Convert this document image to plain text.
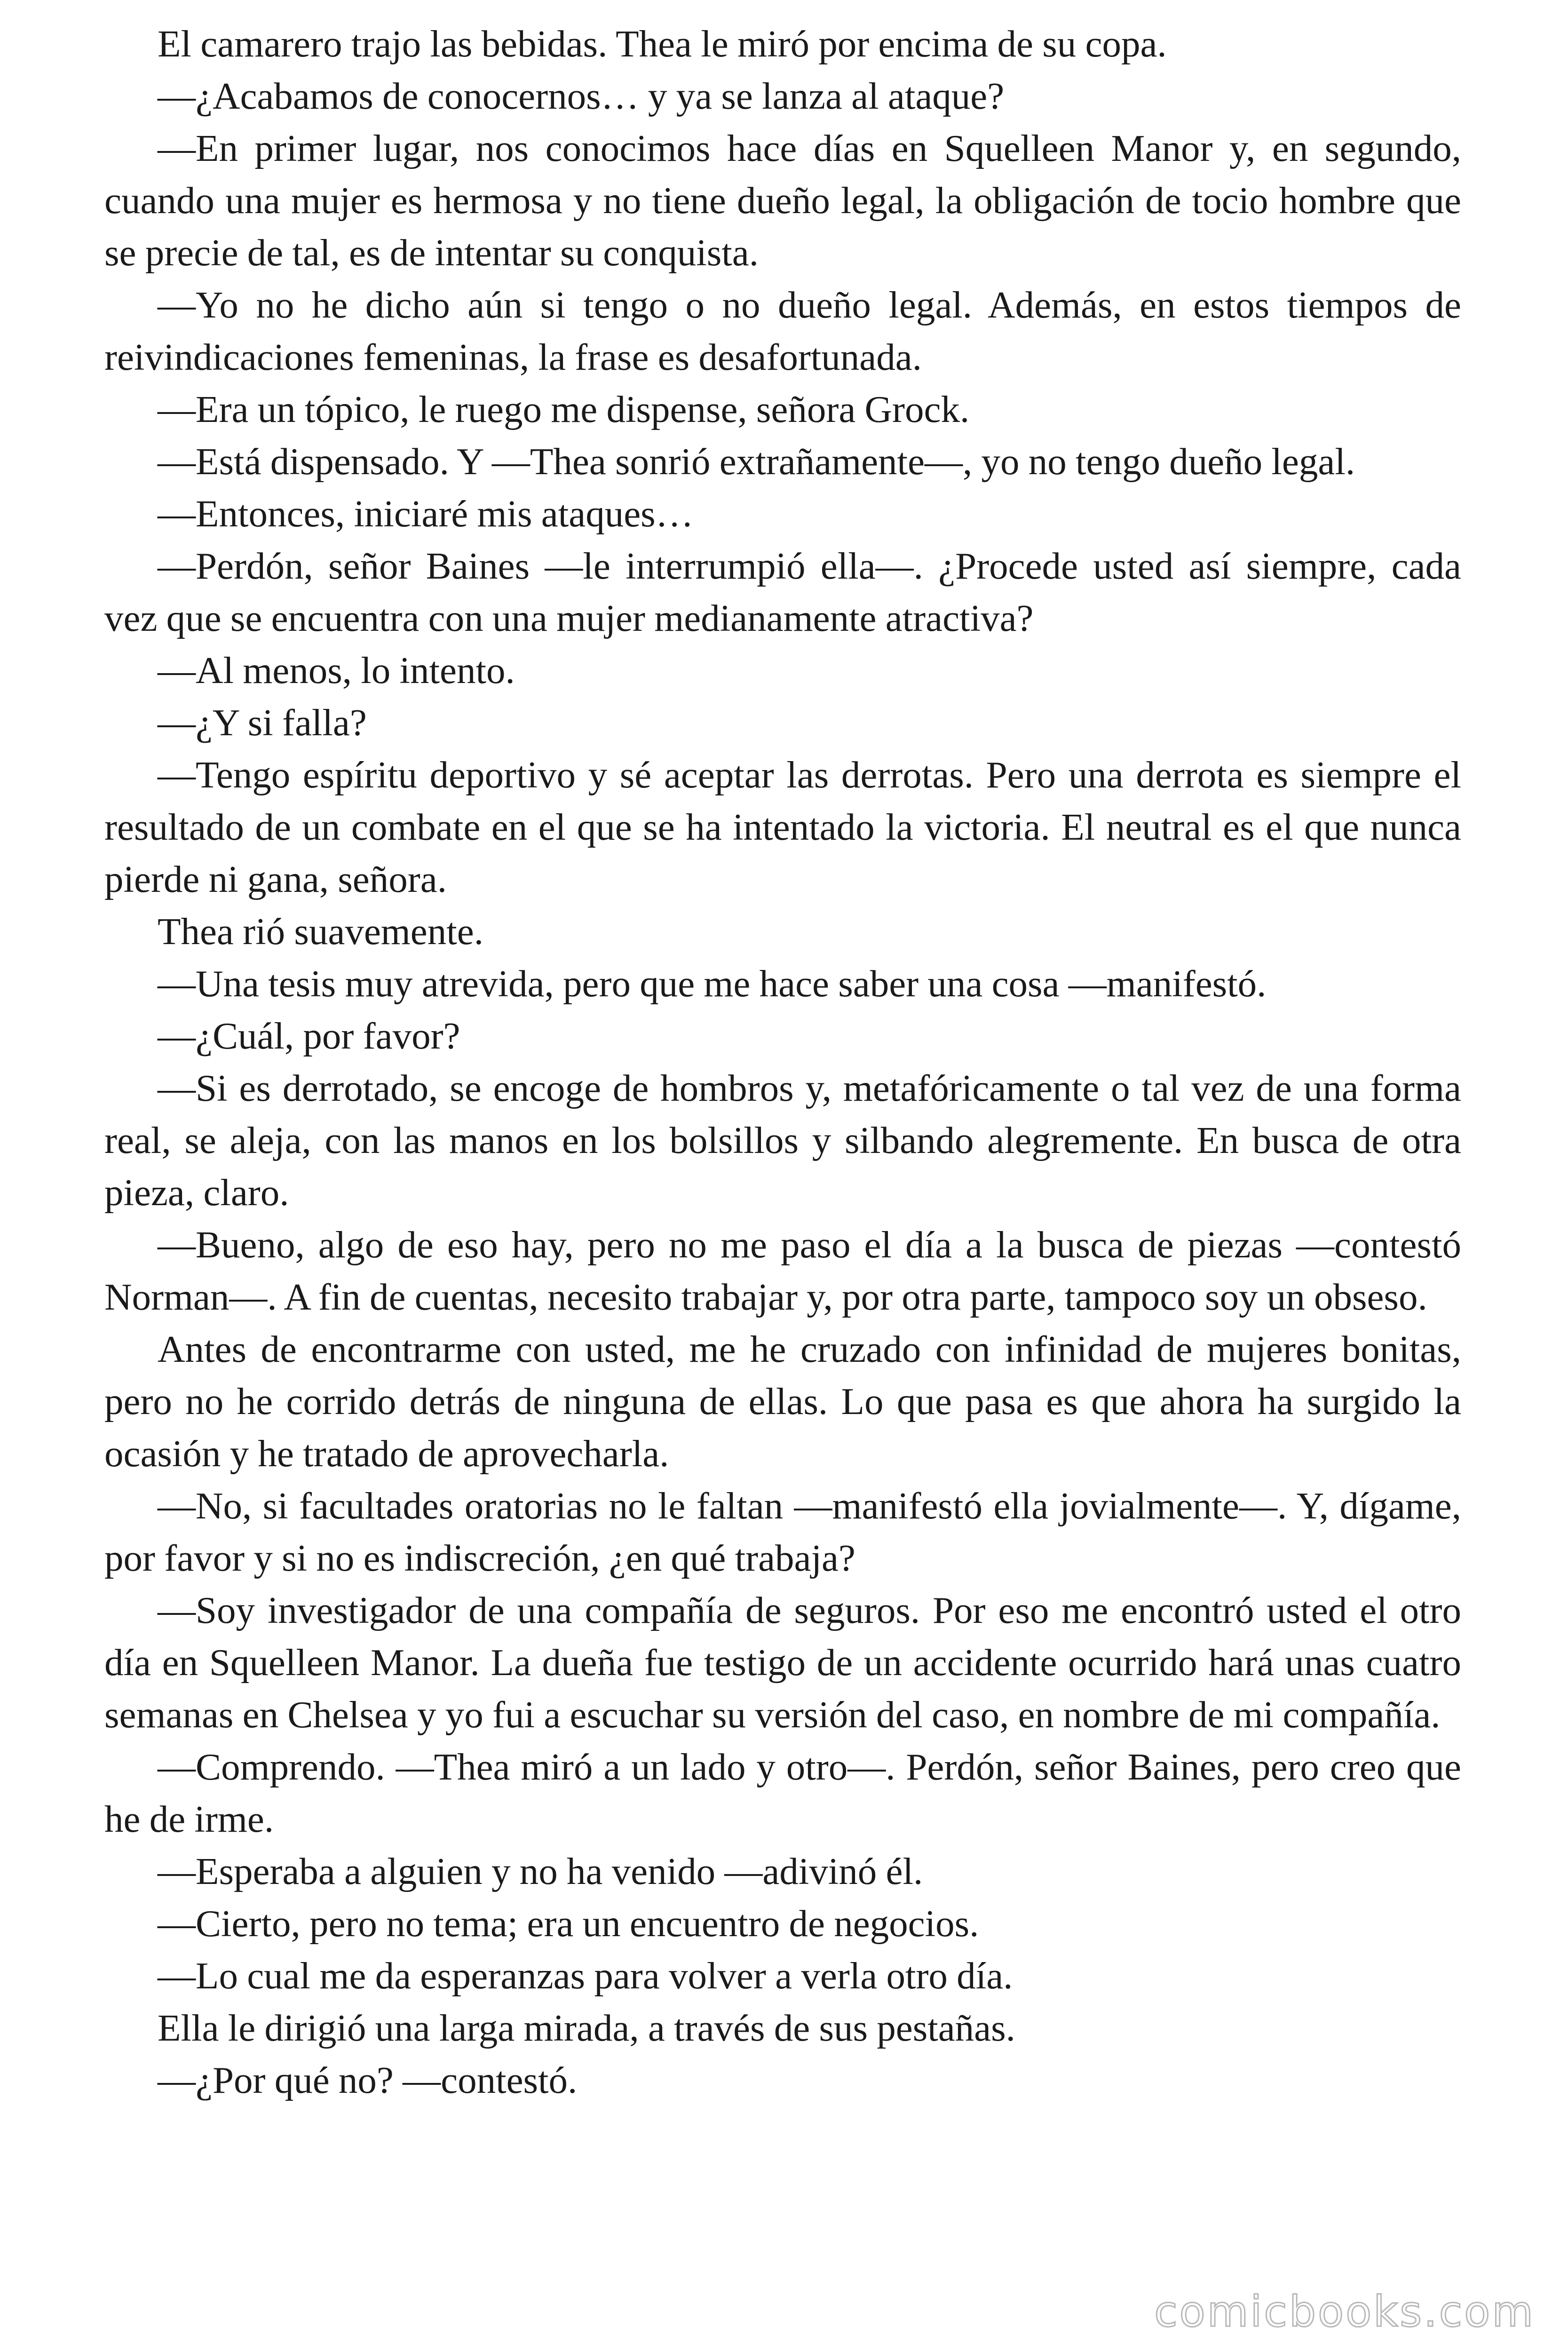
El camarero trajo las bebidas. Thea le miró por encima de su copa.

—¿Acabamos de conocernos… y ya se lanza al ataque?

—En primer lugar, nos conocimos hace días en Squelleen Manor y, en segundo, cuando una mujer es hermosa y no tiene dueño legal, la obligación de tocio hombre que se precie de tal, es de intentar su conquista.

—Yo no he dicho aún si tengo o no dueño legal. Además, en estos tiempos de reivindicaciones femeninas, la frase es desafortunada.

—Era un tópico, le ruego me dispense, señora Grock.

—Está dispensado. Y —Thea sonrió extrañamente—, yo no tengo dueño legal.

—Entonces, iniciaré mis ataques…

—Perdón, señor Baines —le interrumpió ella—. ¿Procede usted así siempre, cada vez que se encuentra con una mujer medianamente atractiva?

—Al menos, lo intento.

—¿Y si falla?

—Tengo espíritu deportivo y sé aceptar las derrotas. Pero una derrota es siempre el resultado de un combate en el que se ha intentado la victoria. El neutral es el que nunca pierde ni gana, señora.

Thea rió suavemente.

—Una tesis muy atrevida, pero que me hace saber una cosa —manifestó.

—¿Cuál, por favor?

—Si es derrotado, se encoge de hombros y, metafóricamente o tal vez de una forma real, se aleja, con las manos en los bolsillos y silbando alegremente. En busca de otra pieza, claro.

—Bueno, algo de eso hay, pero no me paso el día a la busca de piezas —contestó Norman—. A fin de cuentas, necesito trabajar y, por otra parte, tampoco soy un obseso.

Antes de encontrarme con usted, me he cruzado con infinidad de mujeres bonitas, pero no he corrido detrás de ninguna de ellas. Lo que pasa es que ahora ha surgido la ocasión y he tratado de aprovecharla.

—No, si facultades oratorias no le faltan —manifestó ella jovialmente—. Y, dígame, por favor y si no es indiscreción, ¿en qué trabaja?

—Soy investigador de una compañía de seguros. Por eso me encontró usted el otro día en Squelleen Manor. La dueña fue testigo de un accidente ocurrido hará unas cuatro semanas en Chelsea y yo fui a escuchar su versión del caso, en nombre de mi compañía.

—Comprendo. —Thea miró a un lado y otro—. Perdón, señor Baines, pero creo que he de irme.

—Esperaba a alguien y no ha venido —adivinó él.

—Cierto, pero no tema; era un encuentro de negocios.

—Lo cual me da esperanzas para volver a verla otro día.

Ella le dirigió una larga mirada, a través de sus pestañas.

—¿Por qué no? —contestó.

comicbooks.com
